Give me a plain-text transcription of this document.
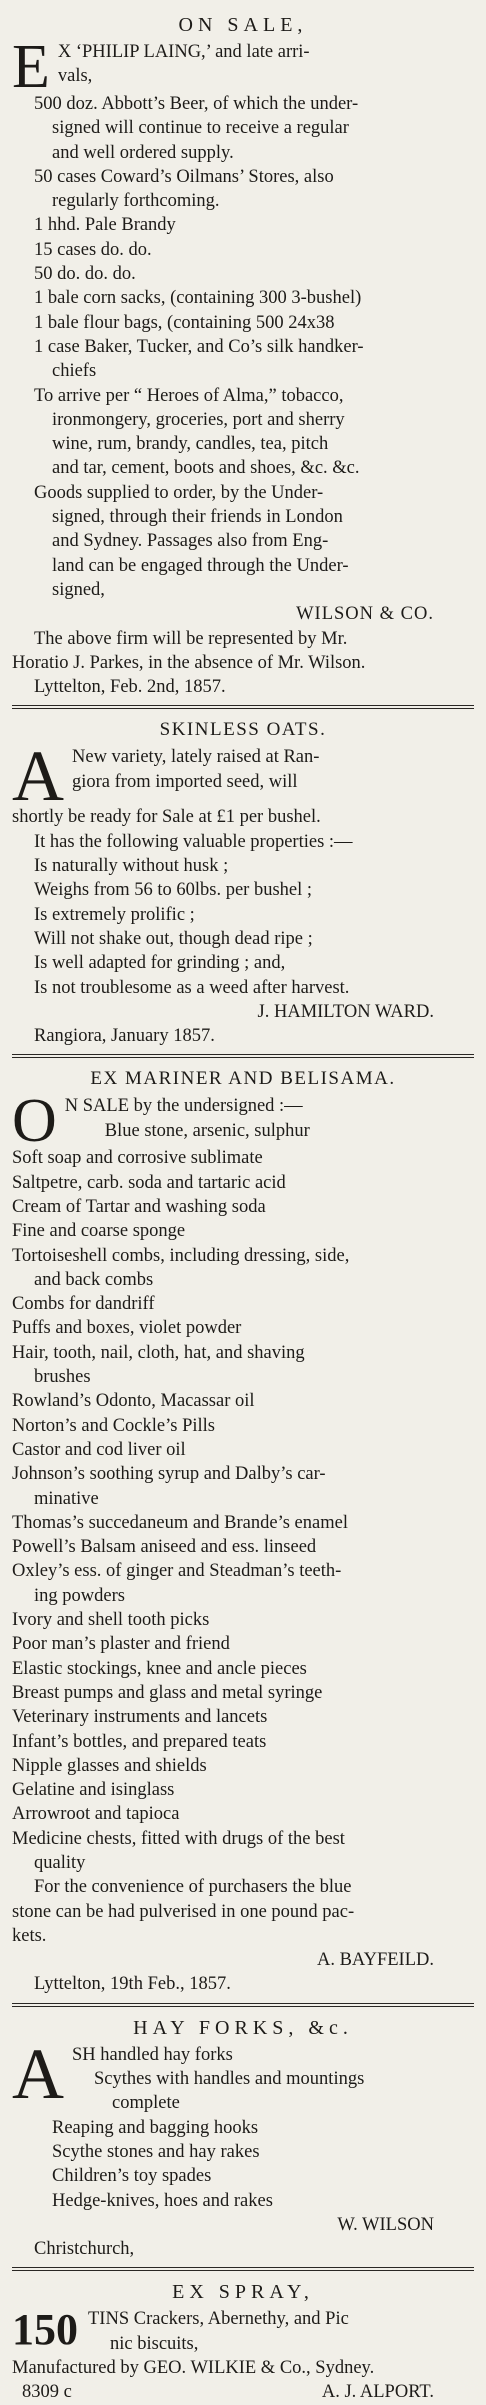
ON SALE,
E X ‘PHILIP LAING,’ and late arri-
vals,
500 doz. Abbott’s Beer, of which the under-
signed will continue to receive a regular
and well ordered supply.
50 cases Coward’s Oilmans’ Stores, also
regularly forthcoming.
1 hhd. Pale Brandy
15 cases do. do.
50 do. do. do.
1 bale corn sacks, (containing 300 3-bushel)
1 bale flour bags, (containing 500 24x38
1 case Baker, Tucker, and Co’s silk handker-
chiefs
To arrive per “ Heroes of Alma,” tobacco,
ironmongery, groceries, port and sherry
wine, rum, brandy, candles, tea, pitch
and tar, cement, boots and shoes, &c. &c.
Goods supplied to order, by the Under-
signed, through their friends in London
and Sydney. Passages also from Eng-
land can be engaged through the Under-
signed,
WILSON & CO.
The above firm will be represented by Mr.
Horatio J. Parkes, in the absence of Mr. Wilson.
Lyttelton, Feb. 2nd, 1857.
SKINLESS OATS.
A New variety, lately raised at Ran-
giora from imported seed, will
shortly be ready for Sale at £1 per bushel.
It has the following valuable properties :—
Is naturally without husk ;
Weighs from 56 to 60lbs. per bushel ;
Is extremely prolific ;
Will not shake out, though dead ripe ;
Is well adapted for grinding ; and,
Is not troublesome as a weed after harvest.
J. HAMILTON WARD.
Rangiora, January 1857.
EX MARINER AND BELISAMA.
O N SALE by the undersigned :—
Blue stone, arsenic, sulphur
Soft soap and corrosive sublimate
Saltpetre, carb. soda and tartaric acid
Cream of Tartar and washing soda
Fine and coarse sponge
Tortoiseshell combs, including dressing, side,
and back combs
Combs for dandriff
Puffs and boxes, violet powder
Hair, tooth, nail, cloth, hat, and shaving
brushes
Rowland’s Odonto, Macassar oil
Norton’s and Cockle’s Pills
Castor and cod liver oil
Johnson’s soothing syrup and Dalby’s car-
minative
Thomas’s succedaneum and Brande’s enamel
Powell’s Balsam aniseed and ess. linseed
Oxley’s ess. of ginger and Steadman’s teeth-
ing powders
Ivory and shell tooth picks
Poor man’s plaster and friend
Elastic stockings, knee and ancle pieces
Breast pumps and glass and metal syringe
Veterinary instruments and lancets
Infant’s bottles, and prepared teats
Nipple glasses and shields
Gelatine and isinglass
Arrowroot and tapioca
Medicine chests, fitted with drugs of the best
quality
For the convenience of purchasers the blue
stone can be had pulverised in one pound pac-
kets.
A. BAYFEILD.
Lyttelton, 19th Feb., 1857.
HAY FORKS, &c.
A SH handled hay forks
Scythes with handles and mountings
complete
Reaping and bagging hooks
Scythe stones and hay rakes
Children’s toy spades
Hedge-knives, hoes and rakes
W. WILSON
Christchurch,
EX SPRAY,
150 TINS Crackers, Abernethy, and Pic
nic biscuits,
Manufactured by GEO. WILKIE & Co., Sydney.
8309 c	A. J. ALPORT.
